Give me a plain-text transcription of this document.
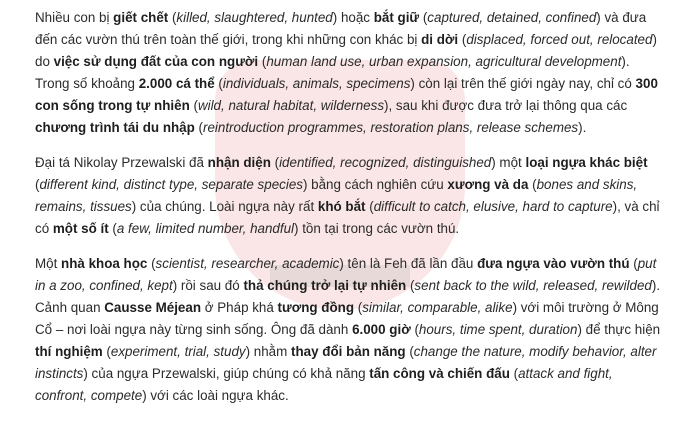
Nhiều con bị giết chết (killed, slaughtered, hunted) hoặc bắt giữ (captured, detained, confined) và đưa đến các vườn thú trên toàn thế giới, trong khi những con khác bị di dời (displaced, forced out, relocated) do việc sử dụng đất của con người (human land use, urban expansion, agricultural development). Trong số khoảng 2.000 cá thể (individuals, animals, specimens) còn lại trên thế giới ngày nay, chỉ có 300 con sống trong tự nhiên (wild, natural habitat, wilderness), sau khi được đưa trở lại thông qua các chương trình tái du nhập (reintroduction programmes, restoration plans, release schemes).

Đại tá Nikolay Przewalski đã nhận diện (identified, recognized, distinguished) một loại ngựa khác biệt (different kind, distinct type, separate species) bằng cách nghiên cứu xương và da (bones and skins, remains, tissues) của chúng. Loài ngựa này rất khó bắt (difficult to catch, elusive, hard to capture), và chỉ có một số ít (a few, limited number, handful) tồn tại trong các vườn thú.

Một nhà khoa học (scientist, researcher, academic) tên là Feh đã lần đầu đưa ngựa vào vườn thú (put in a zoo, confined, kept) rồi sau đó thả chúng trở lại tự nhiên (sent back to the wild, released, rewilded). Cảnh quan Causse Méjean ở Pháp khá tương đồng (similar, comparable, alike) với môi trường ở Mông Cổ – nơi loài ngựa này từng sinh sống. Ông đã dành 6.000 giờ (hours, time spent, duration) để thực hiện thí nghiệm (experiment, trial, study) nhằm thay đổi bản năng (change the nature, modify behavior, alter instincts) của ngựa Przewalski, giúp chúng có khả năng tấn công và chiến đấu (attack and fight, confront, compete) với các loài ngựa khác.
